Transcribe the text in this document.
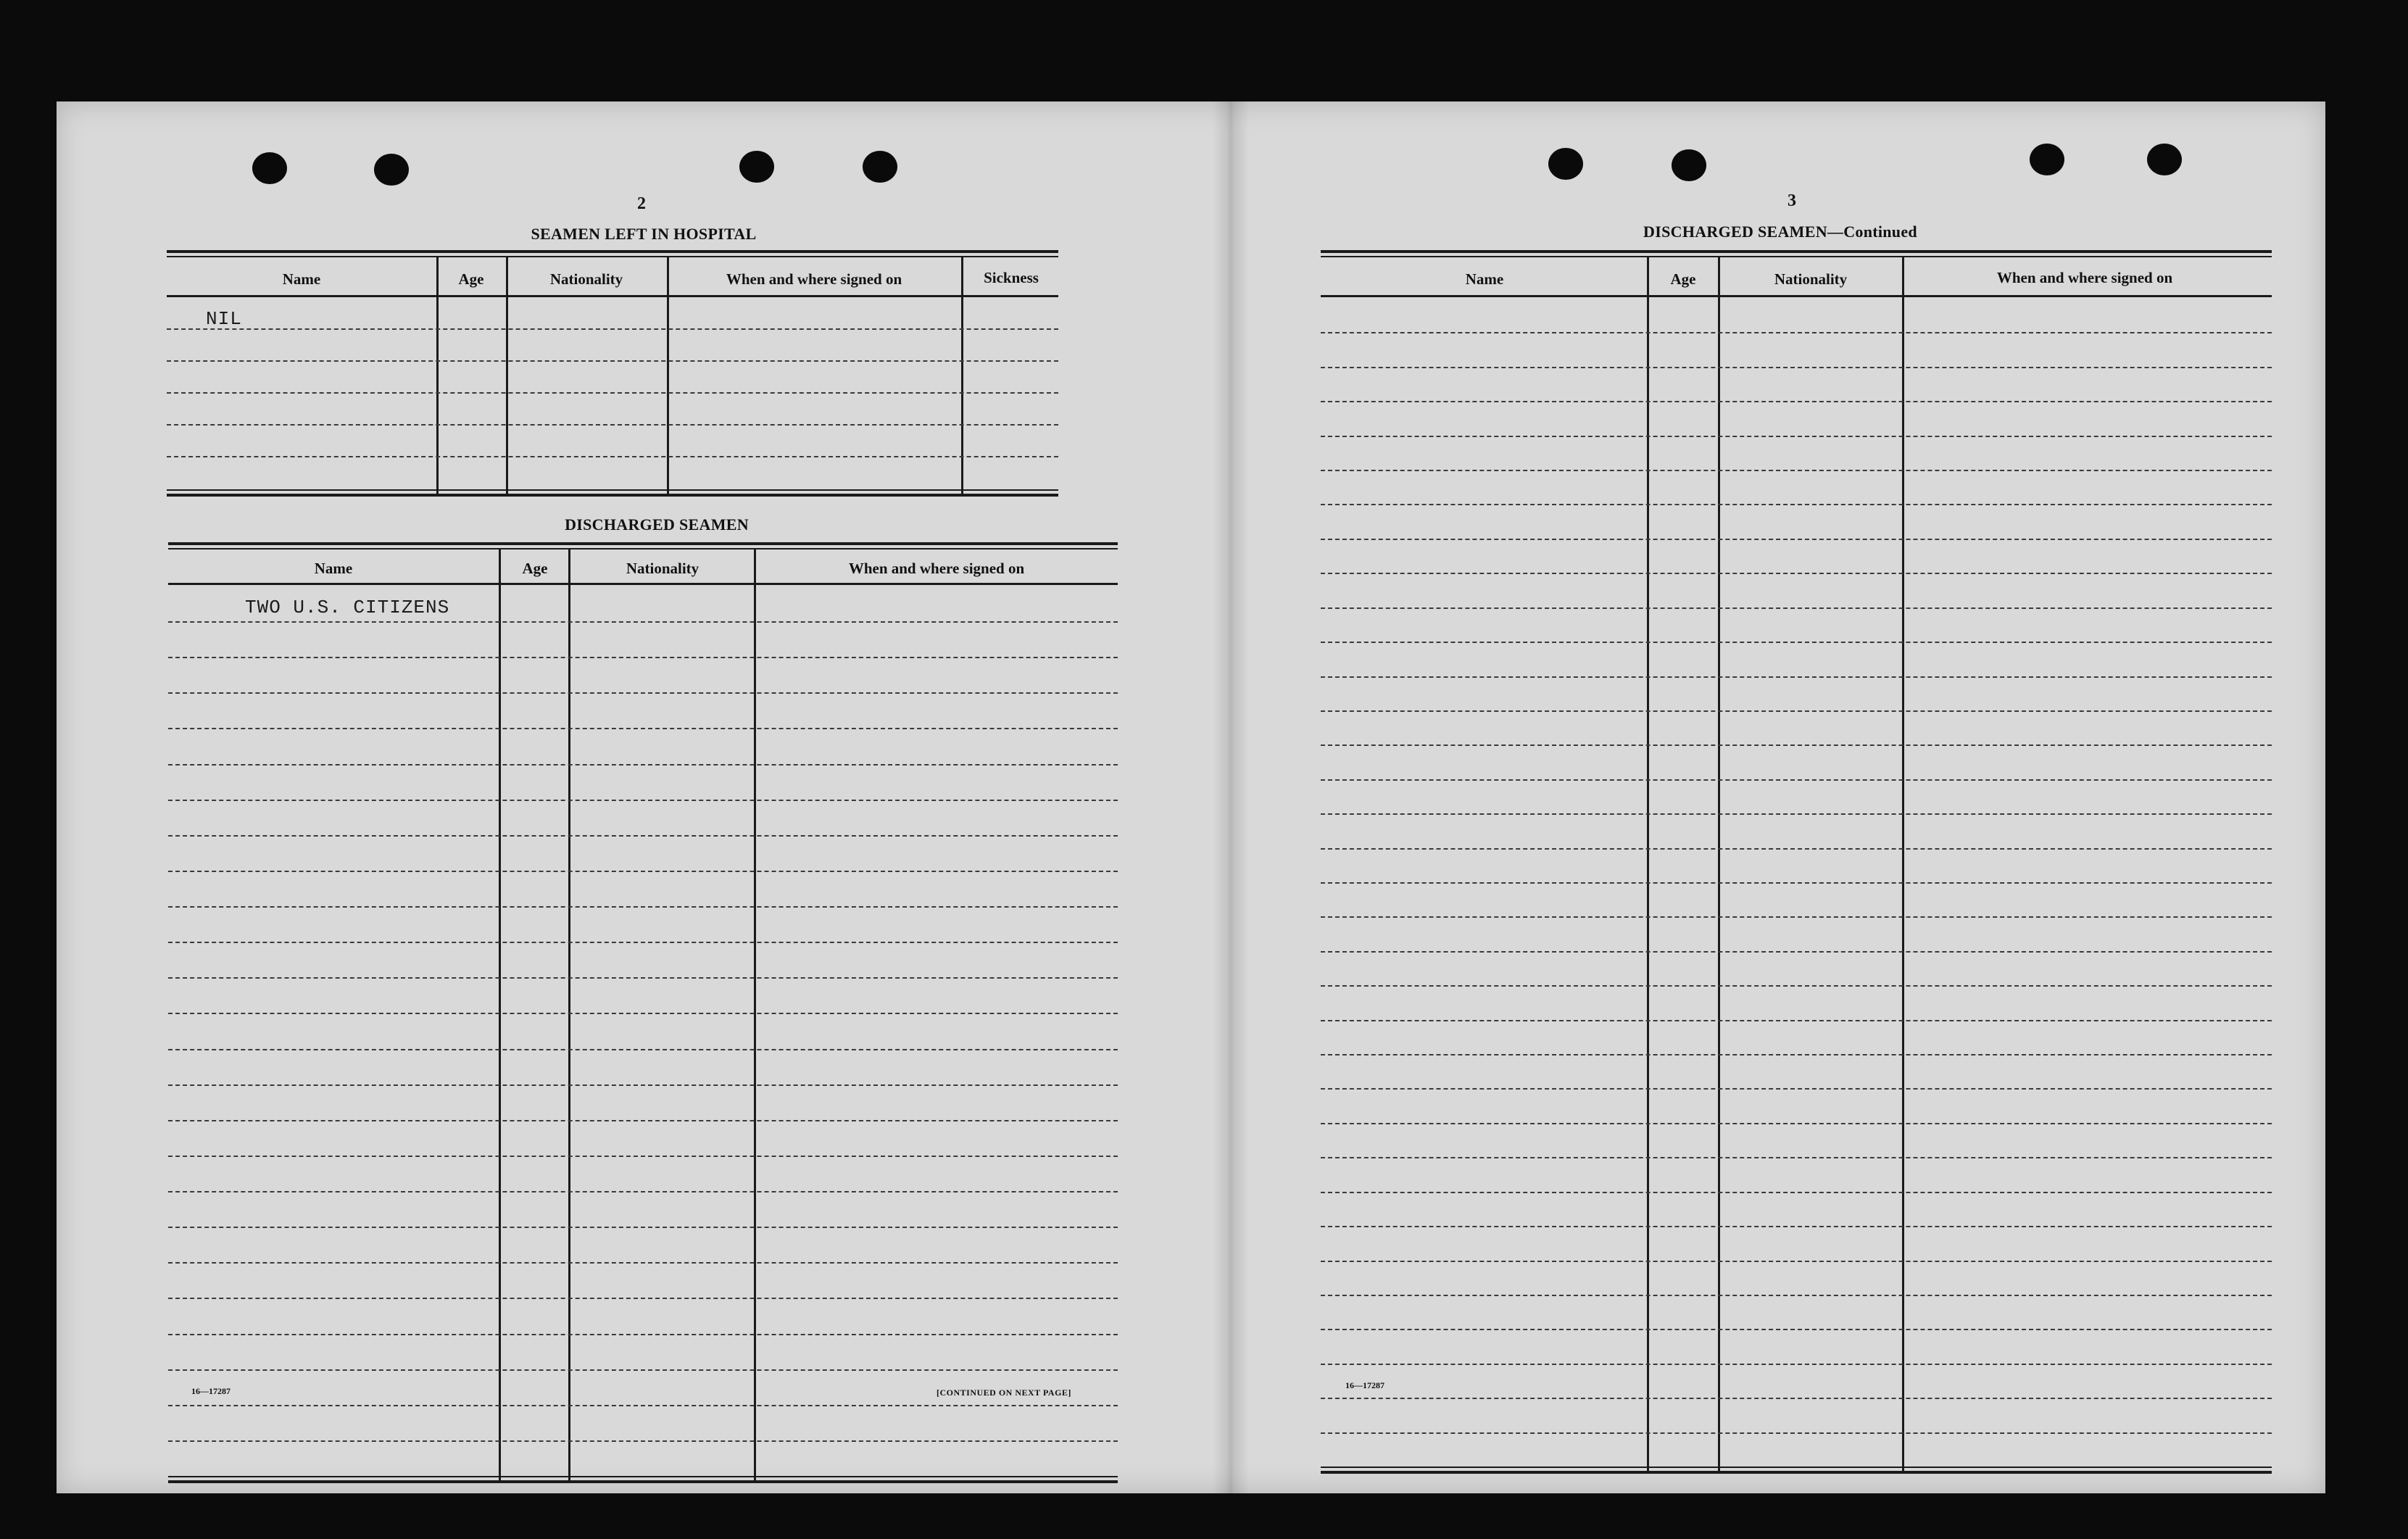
2
SEAMEN LEFT IN HOSPITAL
Name	Age	Nationality	When and where signed on	Sickness
NIL
DISCHARGED SEAMEN
Name	Age	Nationality	When and where signed on
TWO U.S. CITIZENS
16—17287	[CONTINUED ON NEXT PAGE]
3
DISCHARGED SEAMEN—Continued
Name	Age	Nationality	When and where signed on
16—17287
